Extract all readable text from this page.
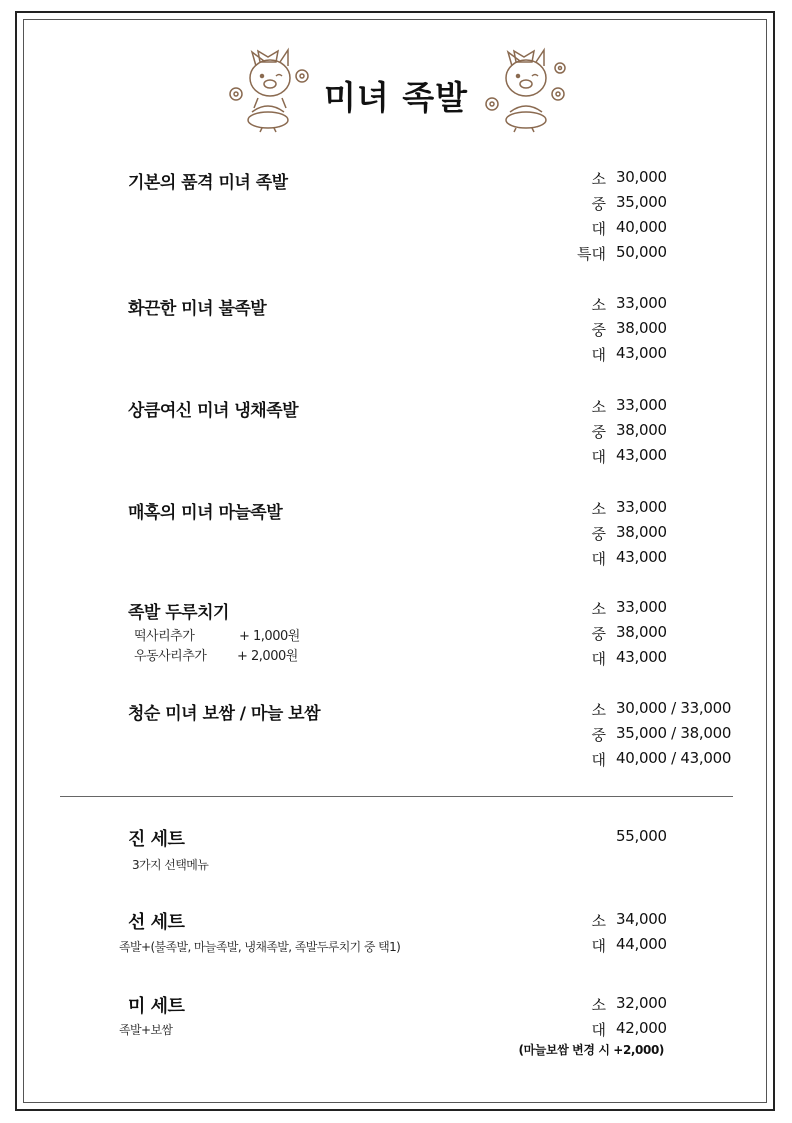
미녀 족발
기본의 품격 미녀 족발	소 30,000
중 35,000
대 40,000
특대 50,000
화끈한 미녀 불족발	소 33,000
중 38,000
대 43,000
상큼여신 미녀 냉채족발	소 33,000
중 38,000
대 43,000
매혹의 미녀 마늘족발	소 33,000
중 38,000
대 43,000
족발 두루치기
떡사리추가	+ 1,000원
우동사리추가 + 2,000원
소 33,000
중 38,000
대 43,000
청순 미녀 보쌈 / 마늘 보쌈	소 30,000 / 33,000
중 35,000 / 38,000
대 40,000 / 43,000
진 세트
3가지 선택메뉴
55,000
선 세트
족발+(불족발, 마늘족발, 냉채족발, 족발두루치기 중 택1)
소 34,000
대 44,000
미 세트
족발+보쌈
소 32,000
대 42,000
(마늘보쌈 변경 시 +2,000)
